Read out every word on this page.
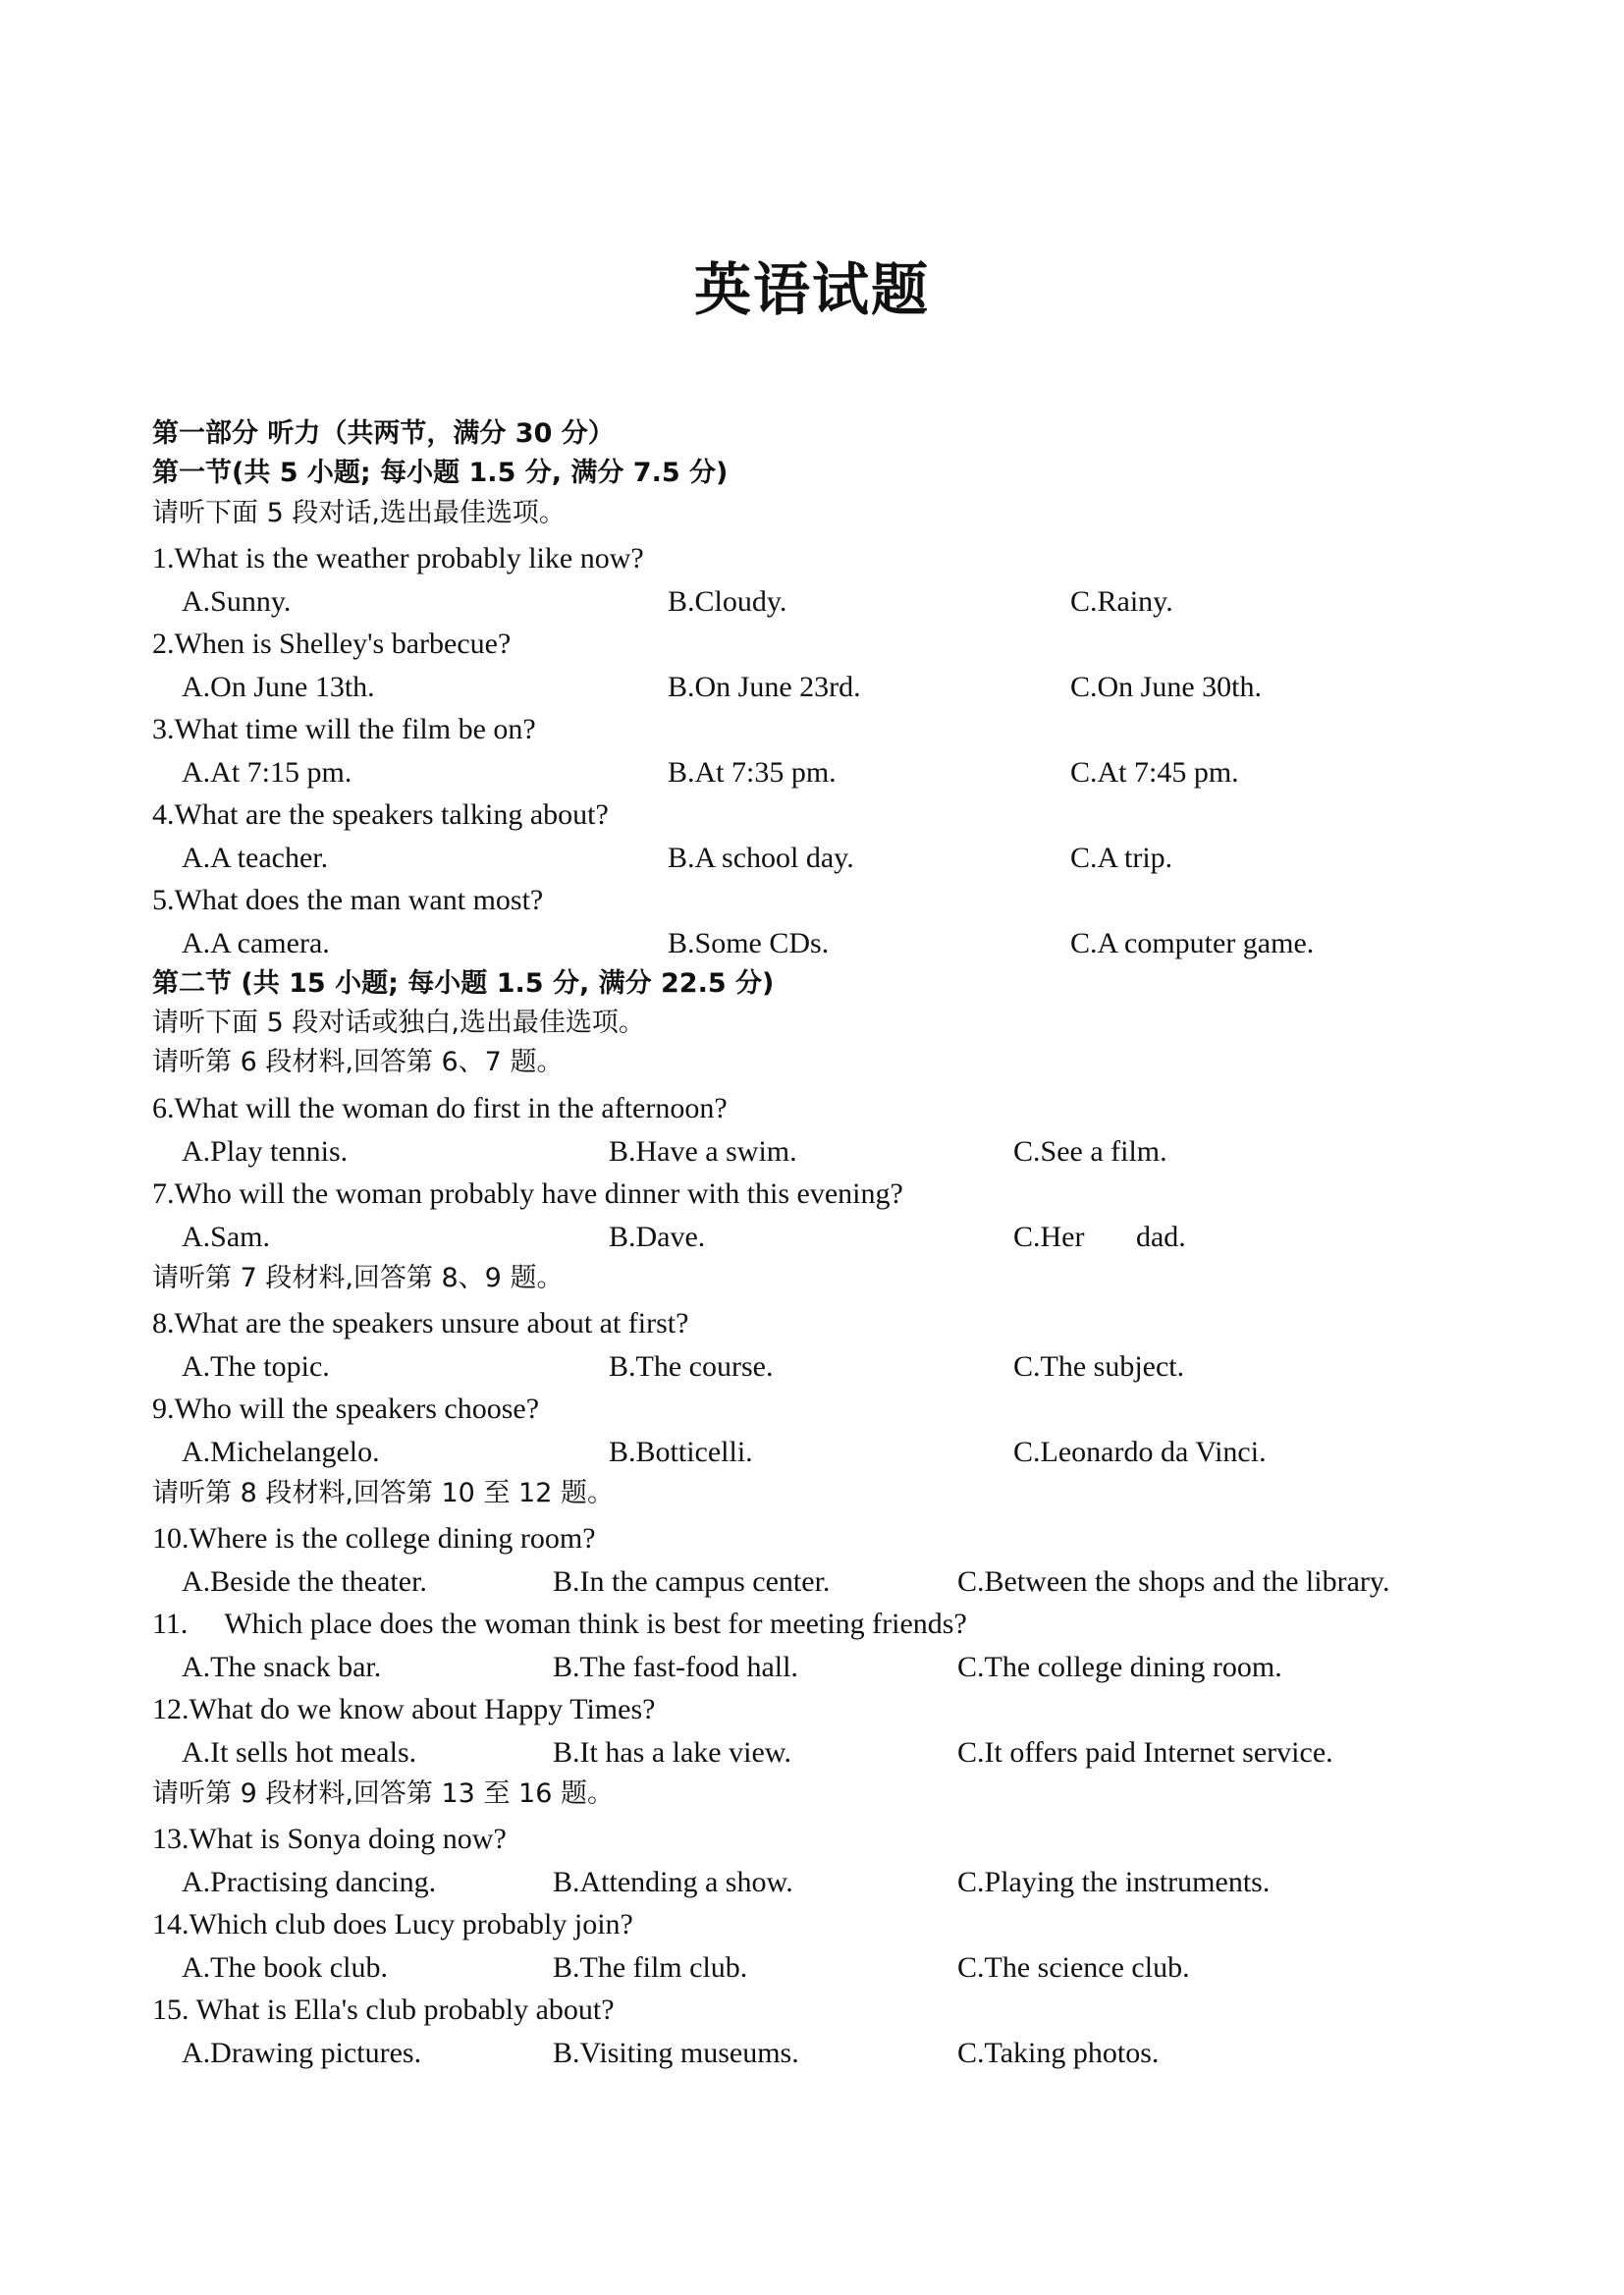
英语试题
第一部分 听力（共两节，满分 30 分）
第一节(共 5 小题; 每小题 1.5 分, 满分 7.5 分)
请听下面 5 段对话,选出最佳选项。
1.What is the weather probably like now?
A.Sunny.	B.Cloudy.	C.Rainy.
2.When is Shelley's barbecue?
A.On June 13th.	B.On June 23rd.	C.On June 30th.
3.What time will the film be on?
A.At 7:15 pm.	B.At 7:35 pm.	C.At 7:45 pm.
4.What are the speakers talking about?
A.A teacher.	B.A school day.	C.A trip.
5.What does the man want most?
A.A camera.	B.Some CDs.	C.A computer game.
第二节 (共 15 小题; 每小题 1.5 分, 满分 22.5 分)
请听下面 5 段对话或独白,选出最佳选项。
请听第 6 段材料,回答第 6、7 题。
6.What will the woman do first in the afternoon?
A.Play tennis.	B.Have a swim.	C.See a film.
7.Who will the woman probably have dinner with this evening?
A.Sam.	B.Dave.	C.Her       dad.
请听第 7 段材料,回答第 8、9 题。
8.What are the speakers unsure about at first?
A.The topic.	B.The course.	C.The subject.
9.Who will the speakers choose?
A.Michelangelo.	B.Botticelli.	C.Leonardo da Vinci.
请听第 8 段材料,回答第 10 至 12 题。
10.Where is the college dining room?
A.Beside the theater.	B.In the campus center.	C.Between the shops and the library.
11.     Which place does the woman think is best for meeting friends?
A.The snack bar.	B.The fast-food hall.	C.The college dining room.
12.What do we know about Happy Times?
A.It sells hot meals.	B.It has a lake view.	C.It offers paid Internet service.
请听第 9 段材料,回答第 13 至 16 题。
13.What is Sonya doing now?
A.Practising dancing.	B.Attending a show.	C.Playing the instruments.
14.Which club does Lucy probably join?
A.The book club.	B.The film club.	C.The science club.
15. What is Ella's club probably about?
A.Drawing pictures.	B.Visiting museums.	C.Taking photos.
